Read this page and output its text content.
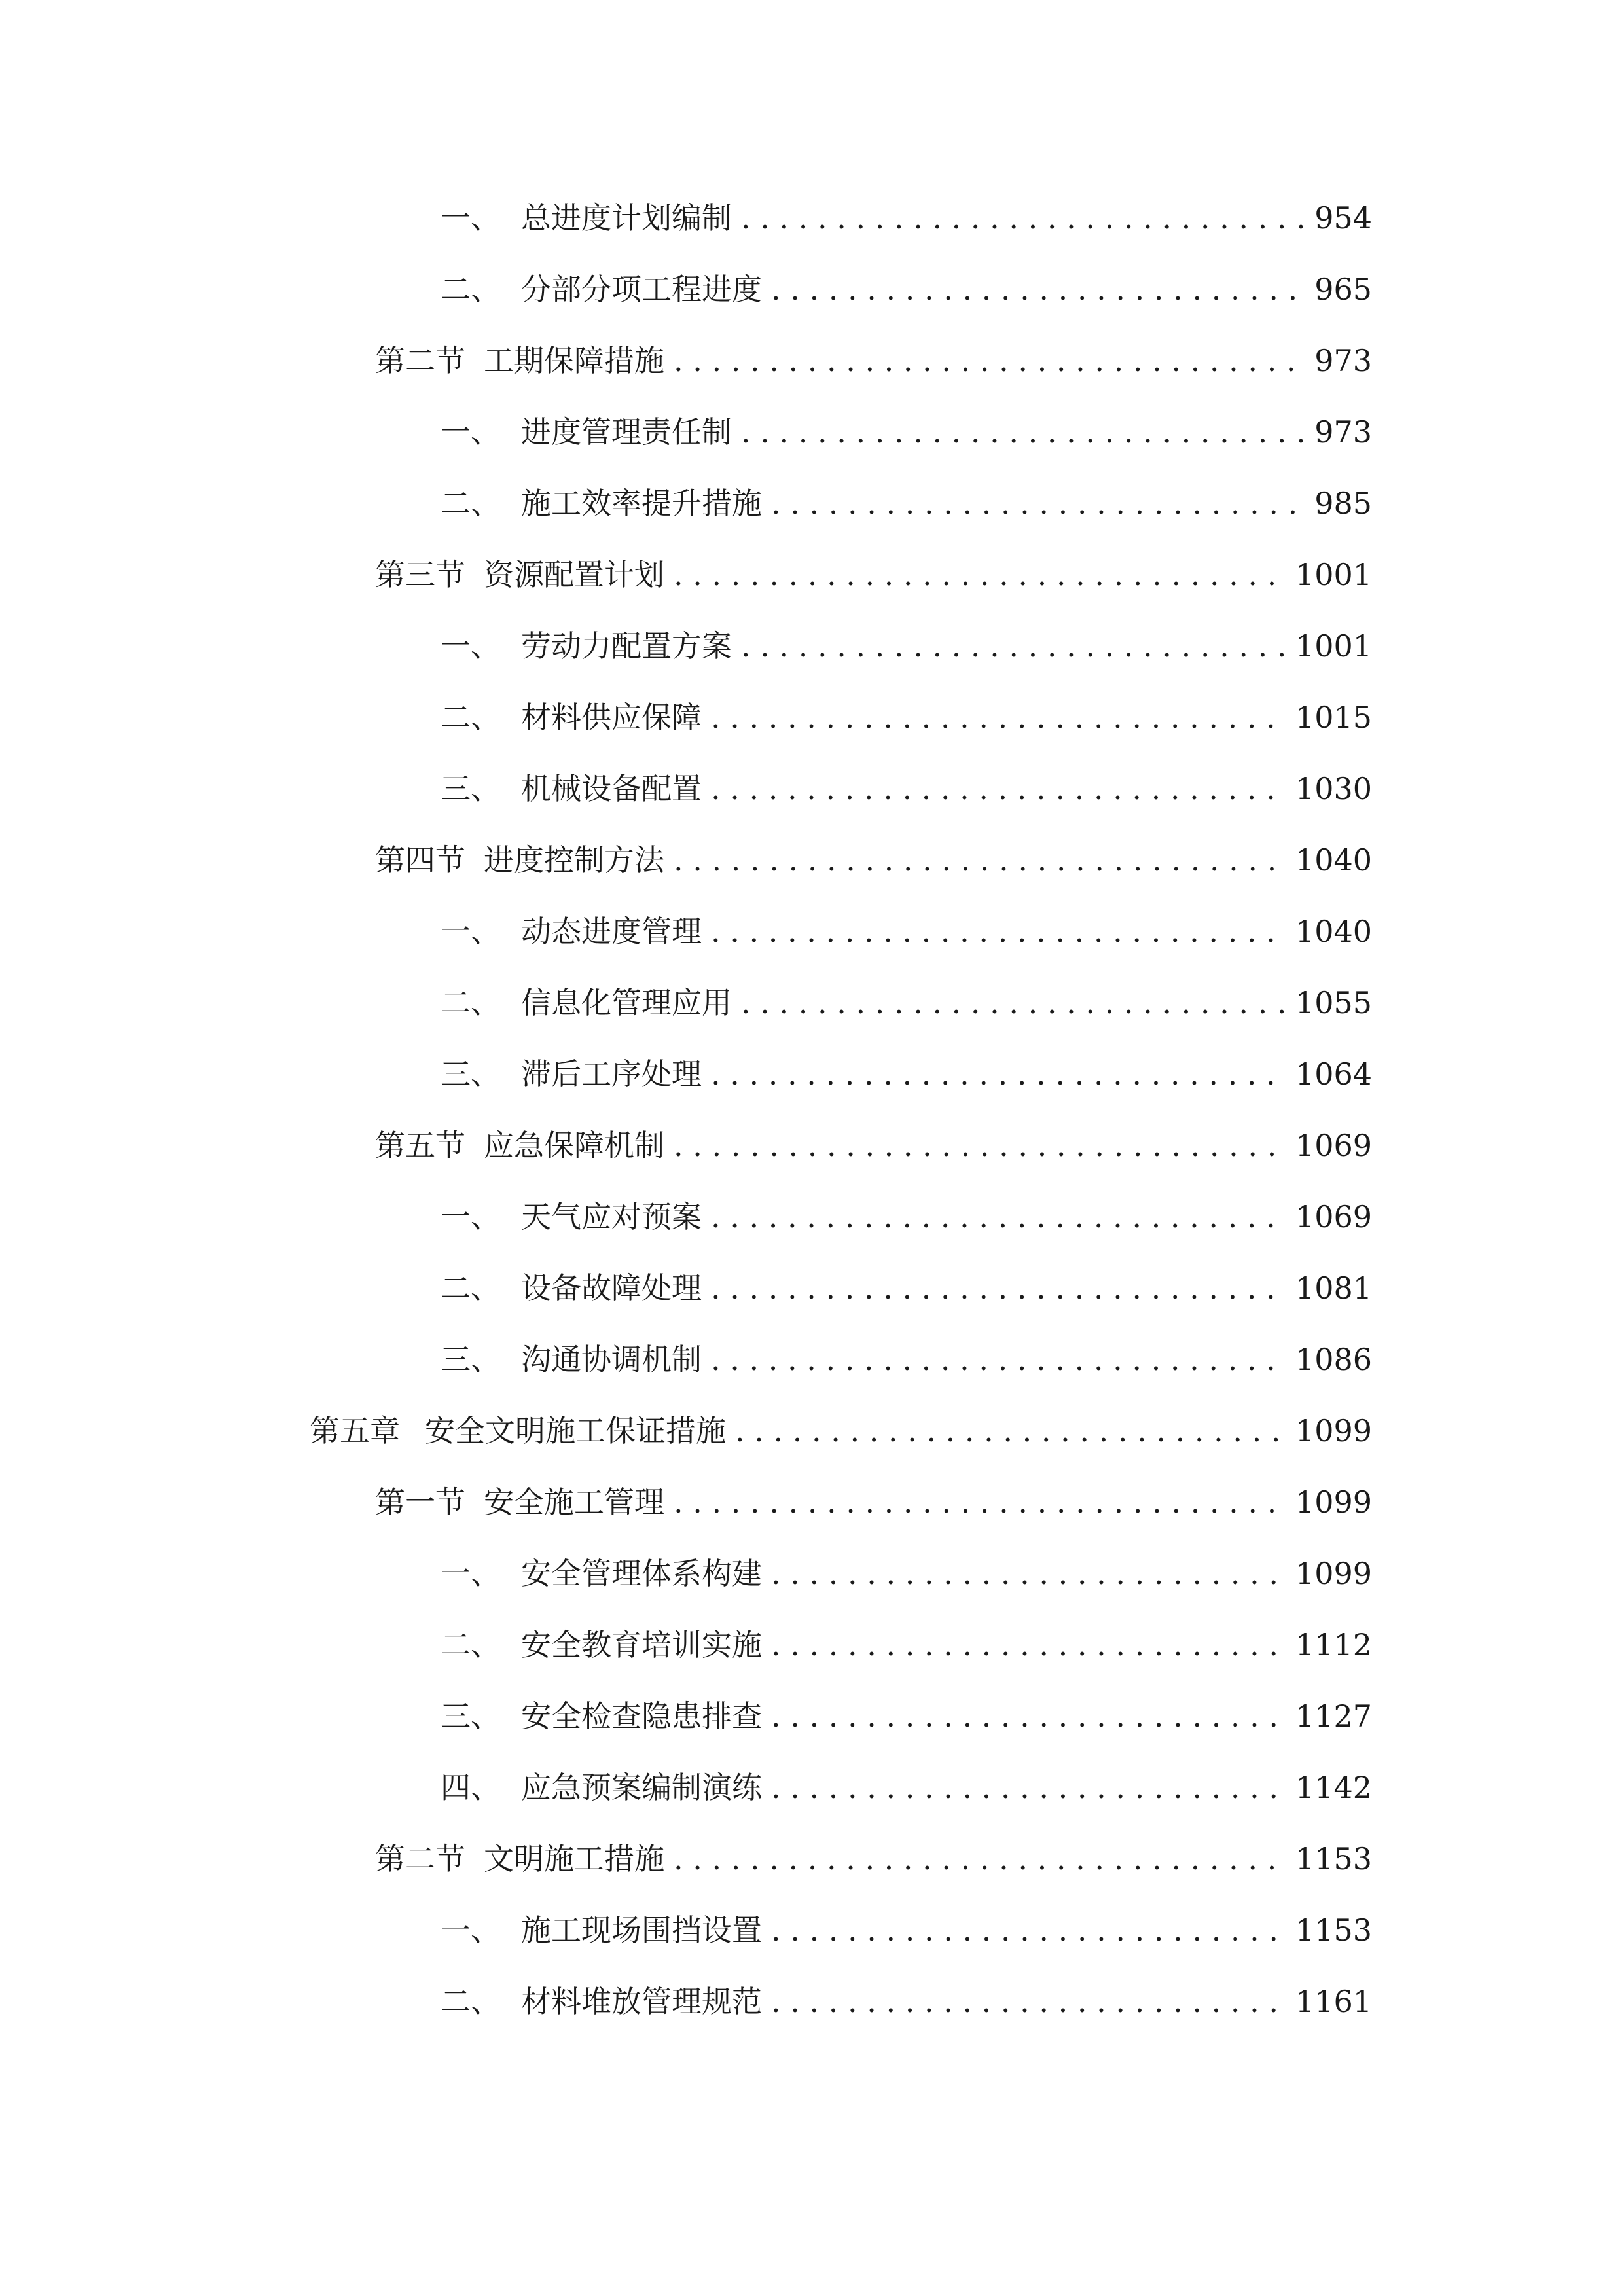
一、 总进度计划编制 . . .	954
二、 分部分项工程进度 . . .	965
第二节 工期保障措施 . . .	973
一、 进度管理责任制 . . .	973
二、 施工效率提升措施 . . .	985
第三节 资源配置计划 . . .	1001
一、 劳动力配置方案 . . .	1001
二、 材料供应保障 . . .	1015
三、 机械设备配置 . . .	1030
第四节 进度控制方法 . . .	1040
一、 动态进度管理 . . .	1040
二、 信息化管理应用 . . .	1055
三、 滞后工序处理 . . .	1064
第五节 应急保障机制 . . .	1069
一、 天气应对预案 . . .	1069
二、 设备故障处理 . . .	1081
三、 沟通协调机制 . . .	1086
第五章 安全文明施工保证措施 . . .	1099
第一节 安全施工管理 . . .	1099
一、 安全管理体系构建 . . .	1099
二、 安全教育培训实施 . . .	1112
三、 安全检查隐患排查 . . .	1127
四、 应急预案编制演练 . . .	1142
第二节 文明施工措施 . . .	1153
一、 施工现场围挡设置 . . .	1153
二、 材料堆放管理规范 . . .	1161
